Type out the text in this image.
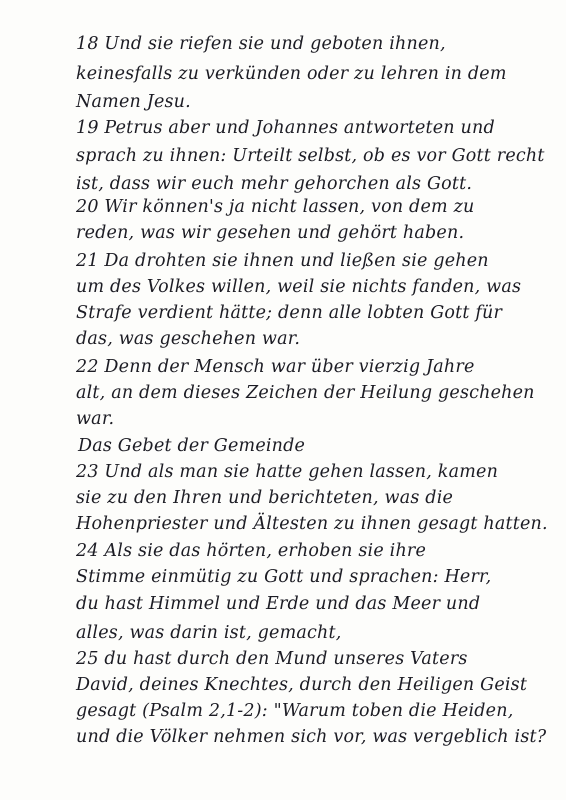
18 Und sie riefen sie und geboten ihnen,
keinesfalls zu verkünden oder zu lehren in dem
Namen Jesu.
19 Petrus aber und Johannes antworteten und
sprach zu ihnen: Urteilt selbst, ob es vor Gott recht
ist, dass wir euch mehr gehorchen als Gott.
20 Wir können's ja nicht lassen, von dem zu
reden, was wir gesehen und gehört haben.
21 Da drohten sie ihnen und ließen sie gehen
um des Volkes willen, weil sie nichts fanden, was
Strafe verdient hätte; denn alle lobten Gott für
das, was geschehen war.
22 Denn der Mensch war über vierzig Jahre
alt, an dem dieses Zeichen der Heilung geschehen
war.
Das Gebet der Gemeinde
23 Und als man sie hatte gehen lassen, kamen
sie zu den Ihren und berichteten, was die
Hohenpriester und Ältesten zu ihnen gesagt hatten.
24 Als sie das hörten, erhoben sie ihre
Stimme einmütig zu Gott und sprachen: Herr,
du hast Himmel und Erde und das Meer und
alles, was darin ist, gemacht,
25 du hast durch den Mund unseres Vaters
David, deines Knechtes, durch den Heiligen Geist
gesagt (Psalm 2,1-2): "Warum toben die Heiden,
und die Völker nehmen sich vor, was vergeblich ist?
